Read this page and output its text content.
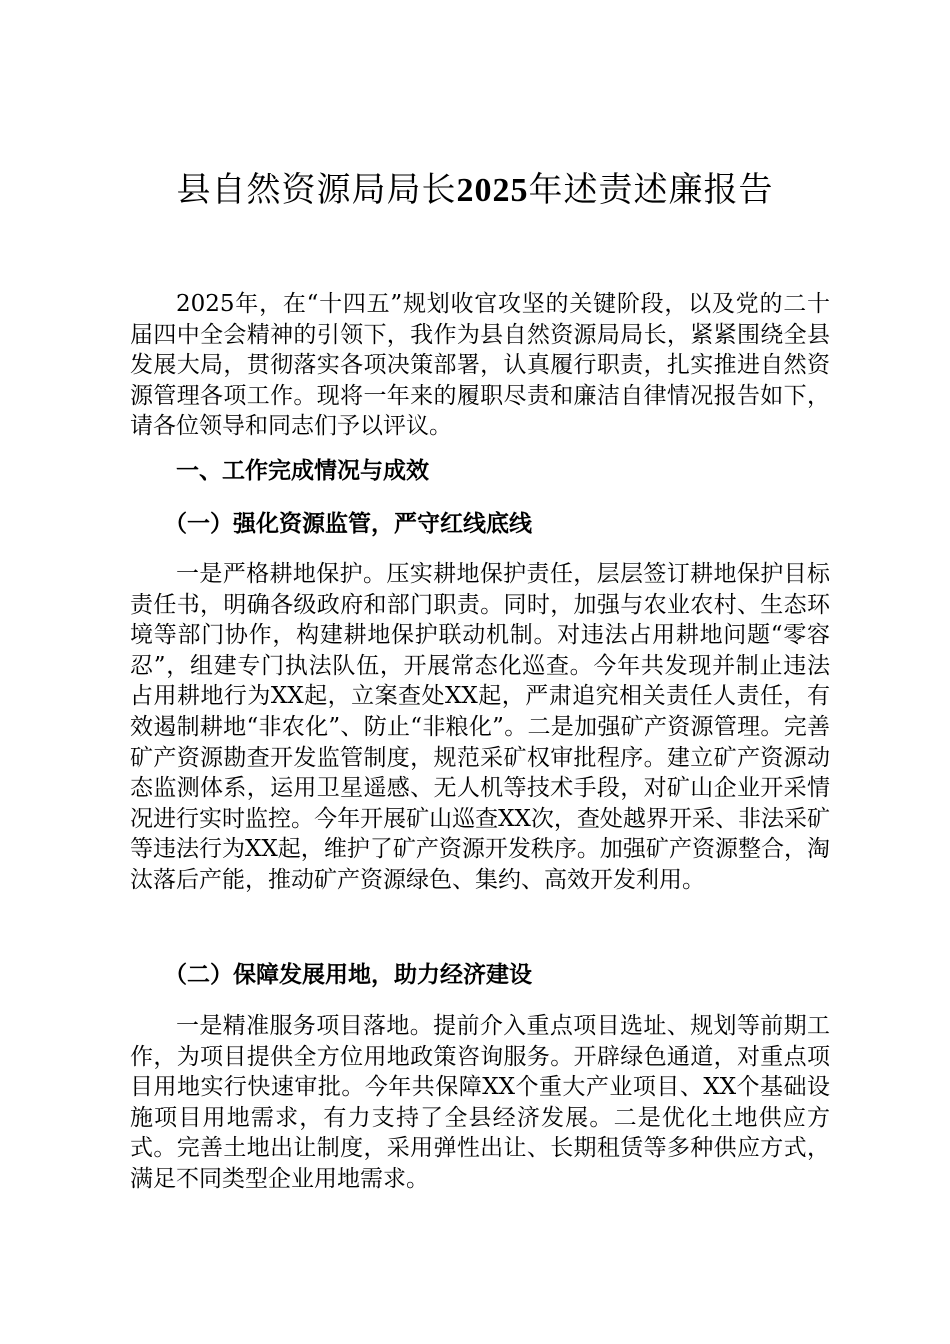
县自然资源局局长2025年述责述廉报告

2025年，在“十四五”规划收官攻坚的关键阶段，以及党的二十届四中全会精神的引领下，我作为县自然资源局局长，紧紧围绕全县发展大局，贯彻落实各项决策部署，认真履行职责，扎实推进自然资源管理各项工作。现将一年来的履职尽责和廉洁自律情况报告如下，请各位领导和同志们予以评议。

一、工作完成情况与成效
（一）强化资源监管，严守红线底线

一是严格耕地保护。压实耕地保护责任，层层签订耕地保护目标责任书，明确各级政府和部门职责。同时，加强与农业农村、生态环境等部门协作，构建耕地保护联动机制。对违法占用耕地问题“零容忍”，组建专门执法队伍，开展常态化巡查。今年共发现并制止违法占用耕地行为XX起，立案查处XX起，严肃追究相关责任人责任，有效遏制耕地“非农化”、防止“非粮化”。二是加强矿产资源管理。完善矿产资源勘查开发监管制度，规范采矿权审批程序。建立矿产资源动态监测体系，运用卫星遥感、无人机等技术手段，对矿山企业开采情况进行实时监控。今年开展矿山巡查XX次，查处越界开采、非法采矿等违法行为XX起，维护了矿产资源开发秩序。加强矿产资源整合，淘汰落后产能，推动矿产资源绿色、集约、高效开发利用。

（二）保障发展用地，助力经济建设

一是精准服务项目落地。提前介入重点项目选址、规划等前期工作，为项目提供全方位用地政策咨询服务。开辟绿色通道，对重点项目用地实行快速审批。今年共保障XX个重大产业项目、XX个基础设施项目用地需求，有力支持了全县经济发展。二是优化土地供应方式。完善土地出让制度，采用弹性出让、长期租赁等多种供应方式，满足不同类型企业用地需求。
